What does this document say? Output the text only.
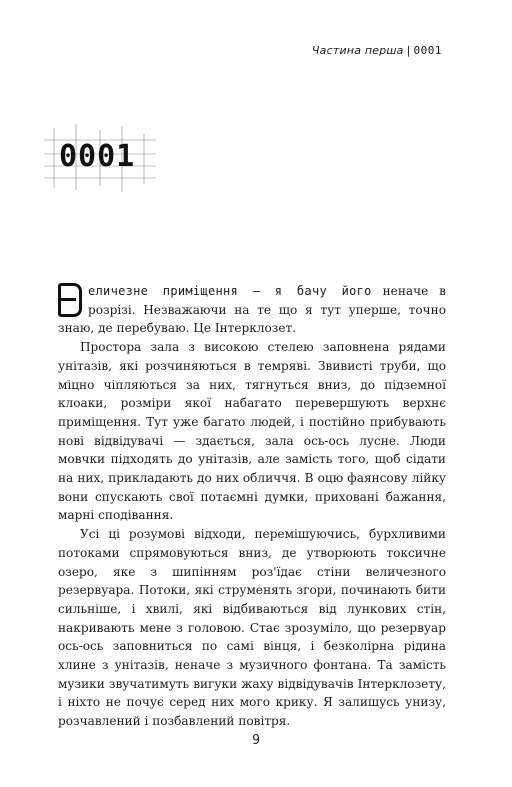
Частина перша | 0001
0001

еличезне приміщення — я бачу його неначе в розрізі. Незважаючи на те що я тут уперше, точно знаю, де перебуваю. Це Інтерклозет.

Простора зала з високою стелею заповнена рядами унітазів, які розчиняються в темряві. Звивисті труби, що міцно чіпляються за них, тягнуться вниз, до підземної клоаки, розміри якої набагато перевершують верхнє приміщення. Тут уже багато людей, і постійно прибувають нові відвідувачі — здається, зала ось-ось лусне. Люди мовчки підходять до унітазів, але замість того, щоб сідати на них, прикладають до них обличчя. В оцю фаянсову лійку вони спускають свої потаємні думки, приховані бажання, марні сподівання.

Усі ці розумові відходи, перемішуючись, бурхливими потоками спрямовуються вниз, де утворюють токсичне озеро, яке з шипінням роз'їдає стіни величезного резервуара. Потоки, які струменять згори, починають бити сильніше, і хвилі, які відбиваються від лункових стін, накривають мене з головою. Стає зрозуміло, що резервуар ось-ось заповниться по самі вінця, і безколірна рідина хлине з унітазів, неначе з музичного фонтана. Та замість музики звучатимуть вигуки жаху відвідувачів Інтерклозету, і ніхто не почує серед них мого крику. Я залишусь унизу, розчавлений і позбавлений повітря.

9
